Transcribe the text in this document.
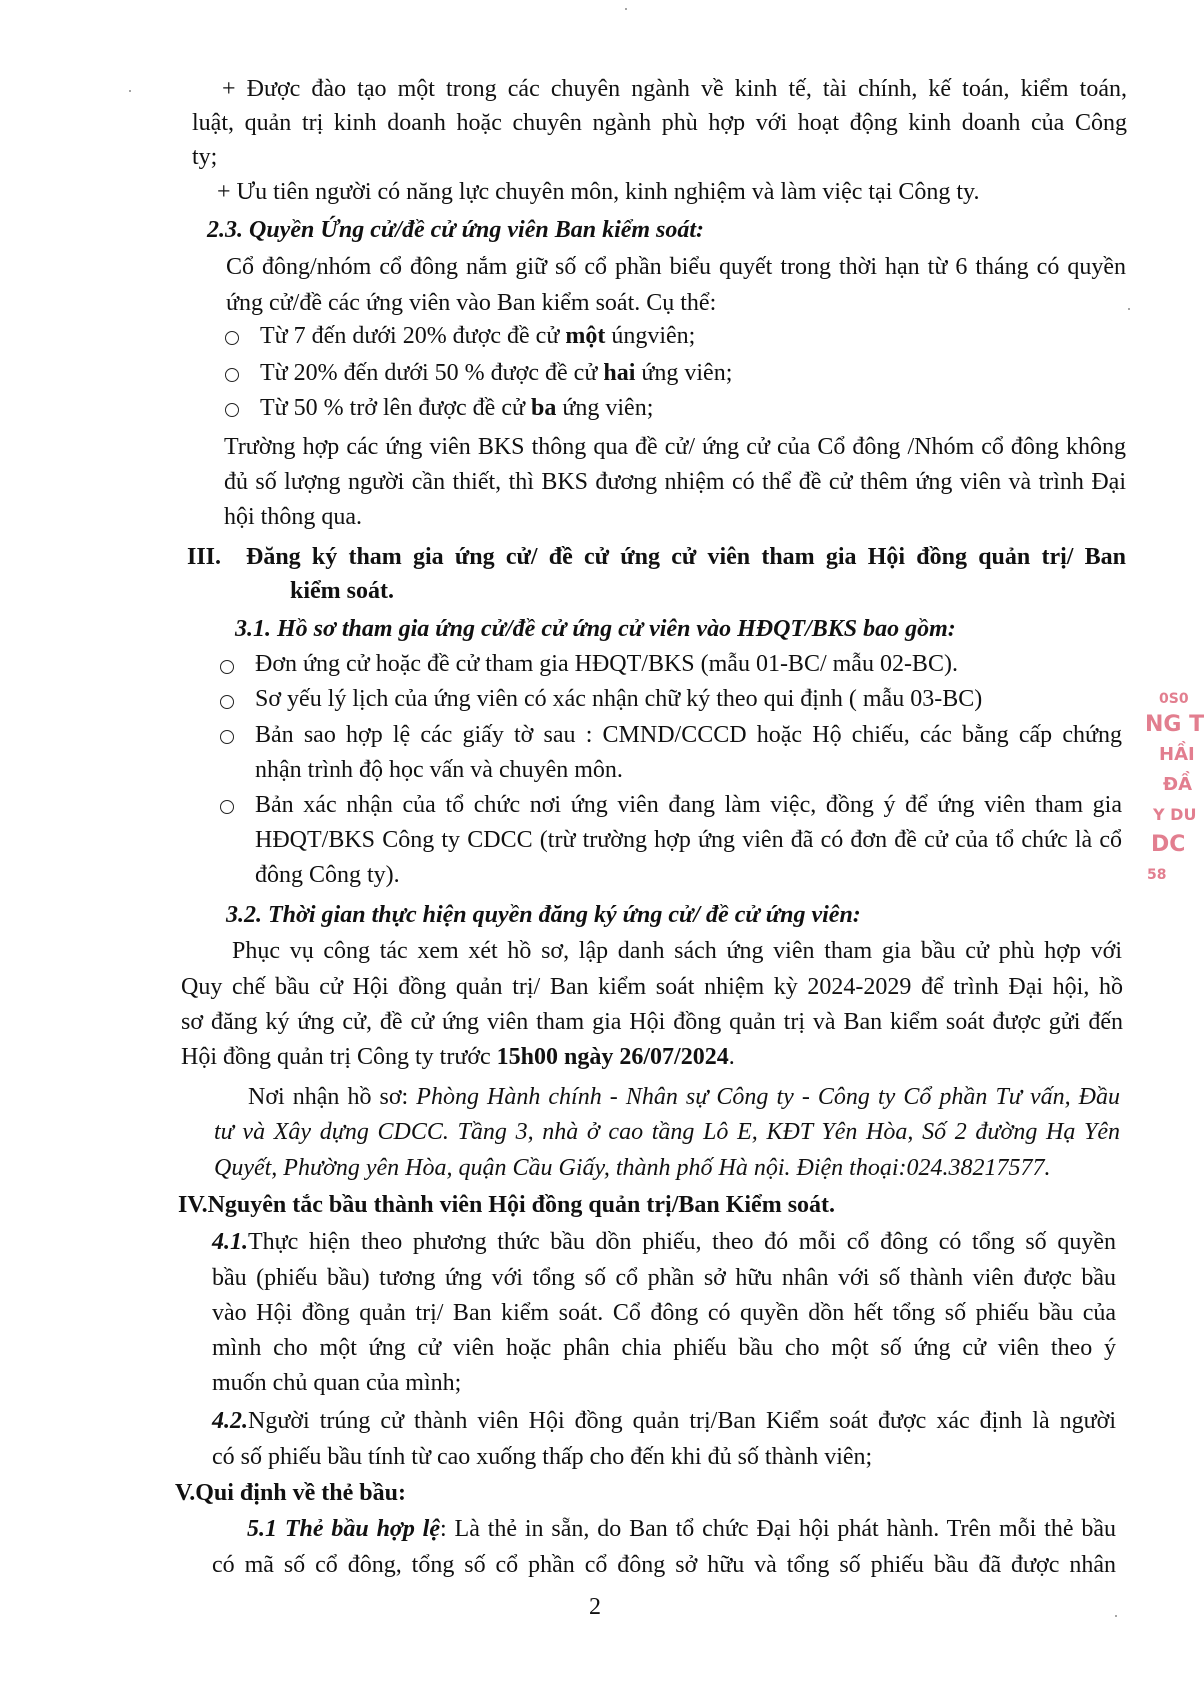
+ Được đào tạo một trong các chuyên ngành về kinh tế, tài chính, kế toán, kiểm toán,
luật, quản trị kinh doanh hoặc chuyên ngành phù hợp với hoạt động kinh doanh của Công
ty;
+ Ưu tiên người có năng lực chuyên môn, kinh nghiệm và làm việc tại Công ty.
2.3. Quyền Ứng cử/đề cử ứng viên Ban kiểm soát:
Cổ đông/nhóm cổ đông nắm giữ số cổ phần biểu quyết trong thời hạn từ 6 tháng có quyền
ứng cử/đề các ứng viên vào Ban kiểm soát. Cụ thể:
Từ 7 đến dưới 20% được đề cử một úngviên;
Từ 20% đến dưới 50 % được đề cử hai ứng viên;
Từ 50 % trở lên được đề cử ba ứng viên;
Trường hợp các ứng viên BKS thông qua đề cử/ ứng cử của Cổ đông /Nhóm cổ đông không
đủ số lượng người cần thiết, thì BKS đương nhiệm có thể đề cử thêm ứng viên và trình Đại
hội thông qua.
III. Đăng ký tham gia ứng cử/ đề cử ứng cử viên tham gia Hội đồng quản trị/ Ban
kiểm soát.
3.1. Hồ sơ tham gia ứng cử/đề cử ứng cử viên vào HĐQT/BKS bao gồm:
Đơn ứng cử hoặc đề cử tham gia HĐQT/BKS (mẫu 01-BC/ mẫu 02-BC).
Sơ yếu lý lịch của ứng viên có xác nhận chữ ký theo qui định ( mẫu 03-BC)
Bản sao hợp lệ các giấy tờ sau : CMND/CCCD hoặc Hộ chiếu, các bằng cấp chứng
nhận trình độ học vấn và chuyên môn.
Bản xác nhận của tổ chức nơi ứng viên đang làm việc, đồng ý để ứng viên tham gia
HĐQT/BKS Công ty CDCC (trừ trường hợp ứng viên đã có đơn đề cử của tổ chức là cổ
đông Công ty).
3.2. Thời gian thực hiện quyền đăng ký ứng cử/ đề cử ứng viên:
Phục vụ công tác xem xét hồ sơ, lập danh sách ứng viên tham gia bầu cử phù hợp với
Quy chế bầu cử Hội đồng quản trị/ Ban kiểm soát nhiệm kỳ 2024-2029 để trình Đại hội, hồ
sơ đăng ký ứng cử, đề cử ứng viên tham gia Hội đồng quản trị và Ban kiểm soát được gửi đến
Hội đồng quản trị Công ty trước 15h00 ngày 26/07/2024.
Nơi nhận hồ sơ: Phòng Hành chính - Nhân sự Công ty - Công ty Cổ phần Tư vấn, Đầu
tư và Xây dựng CDCC. Tầng 3, nhà ở cao tầng Lô E, KĐT Yên Hòa, Số 2 đường Hạ Yên
Quyết, Phường yên Hòa, quận Cầu Giấy, thành phố Hà nội. Điện thoại:024.38217577.
IV.Nguyên tắc bầu thành viên Hội đồng quản trị/Ban Kiểm soát.
4.1.Thực hiện theo phương thức bầu dồn phiếu, theo đó mỗi cổ đông có tổng số quyền
bầu (phiếu bầu) tương ứng với tổng số cổ phần sở hữu nhân với số thành viên được bầu
vào Hội đồng quản trị/ Ban kiểm soát. Cổ đông có quyền dồn hết tổng số phiếu bầu của
mình cho một ứng cử viên hoặc phân chia phiếu bầu cho một số ứng cử viên theo ý
muốn chủ quan của mình;
4.2.Người trúng cử thành viên Hội đồng quản trị/Ban Kiểm soát được xác định là người
có số phiếu bầu tính từ cao xuống thấp cho đến khi đủ số thành viên;
V.Qui định về thẻ bầu:
5.1 Thẻ bầu hợp lệ: Là thẻ in sẵn, do Ban tổ chức Đại hội phát hành. Trên mỗi thẻ bầu
có mã số cổ đông, tổng số cổ phần cổ đông sở hữu và tổng số phiếu bầu đã được nhân
2
0S0
NG T
HẦI
ĐẦ
Y DU
DC
58
